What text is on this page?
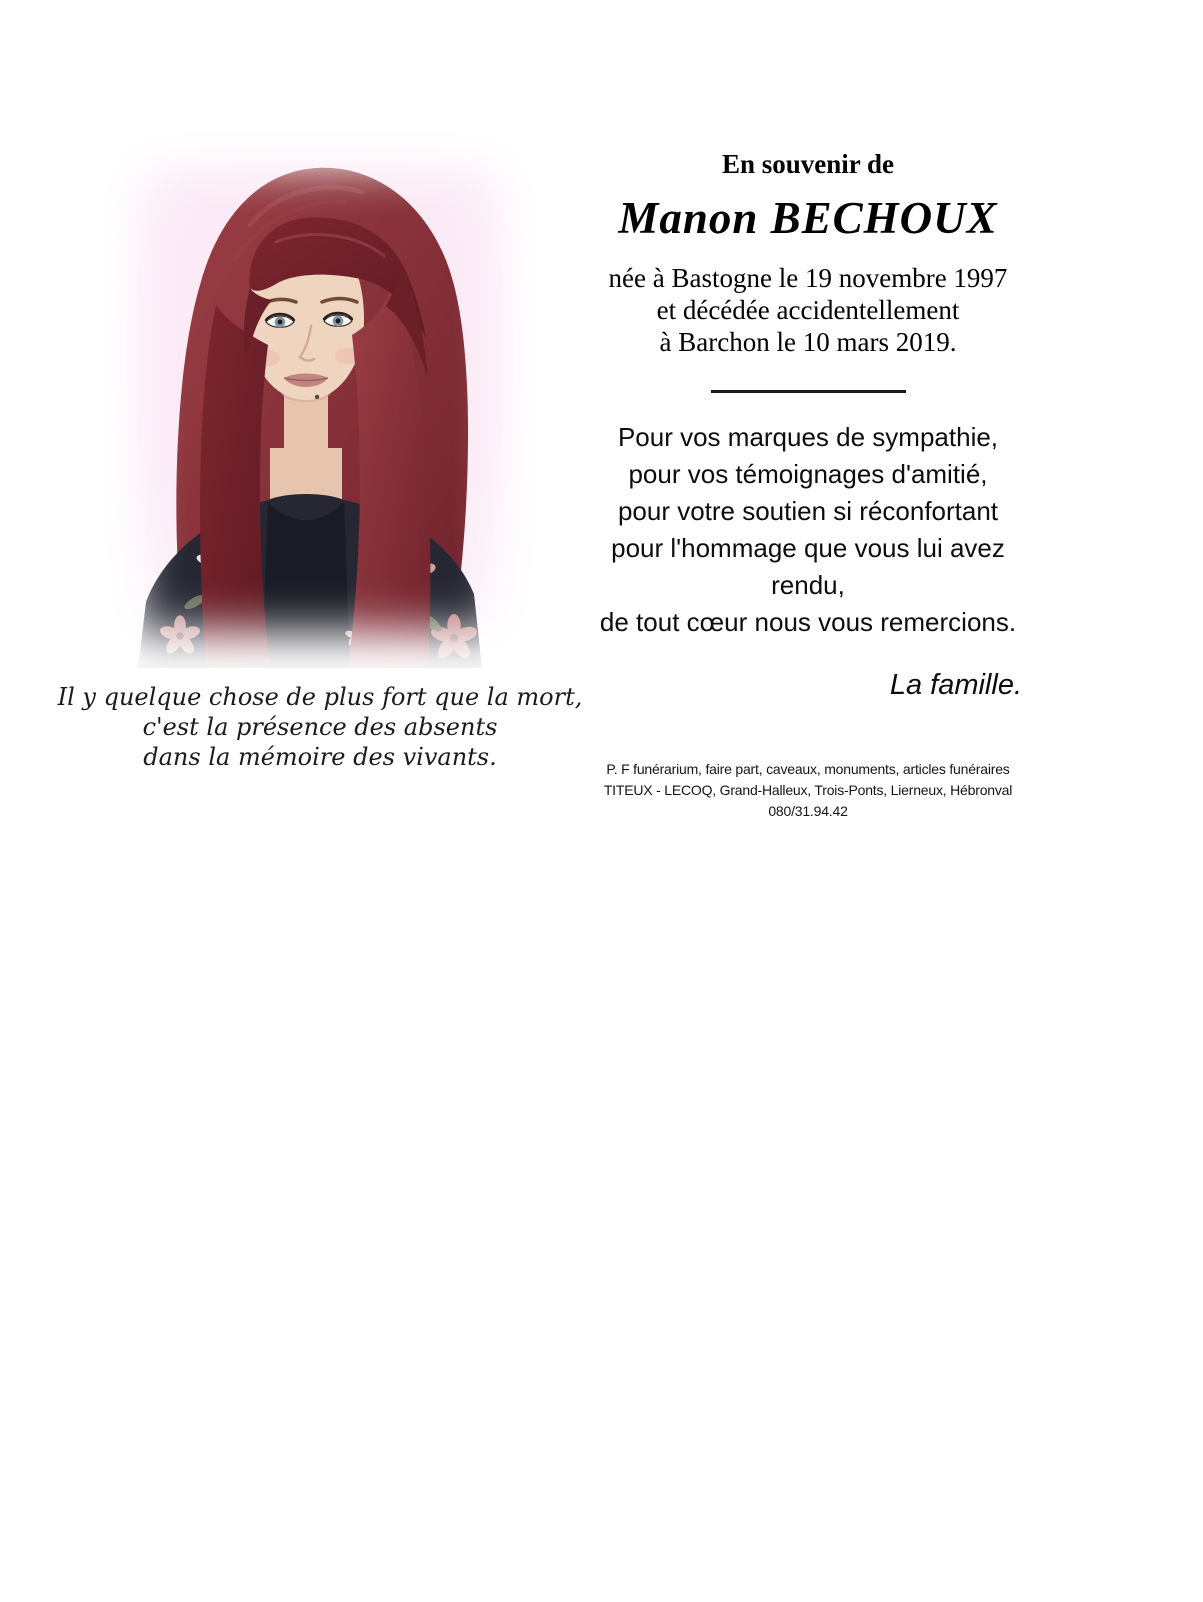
Il y quelque chose de plus fort que la mort,
c'est la présence des absents
dans la mémoire des vivants.
En souvenir de
Manon BECHOUX
née à Bastogne le 19 novembre 1997
et décédée accidentellement
à Barchon le 10 mars 2019.
Pour vos marques de sympathie,
pour vos témoignages d'amitié,
pour votre soutien si réconfortant
pour l'hommage que vous lui avez rendu,
de tout cœur nous vous remercions.
La famille.
P. F funérarium, faire part, caveaux, monuments, articles funéraires
TITEUX - LECOQ, Grand-Halleux, Trois-Ponts, Lierneux, Hébronval 080/31.94.42
